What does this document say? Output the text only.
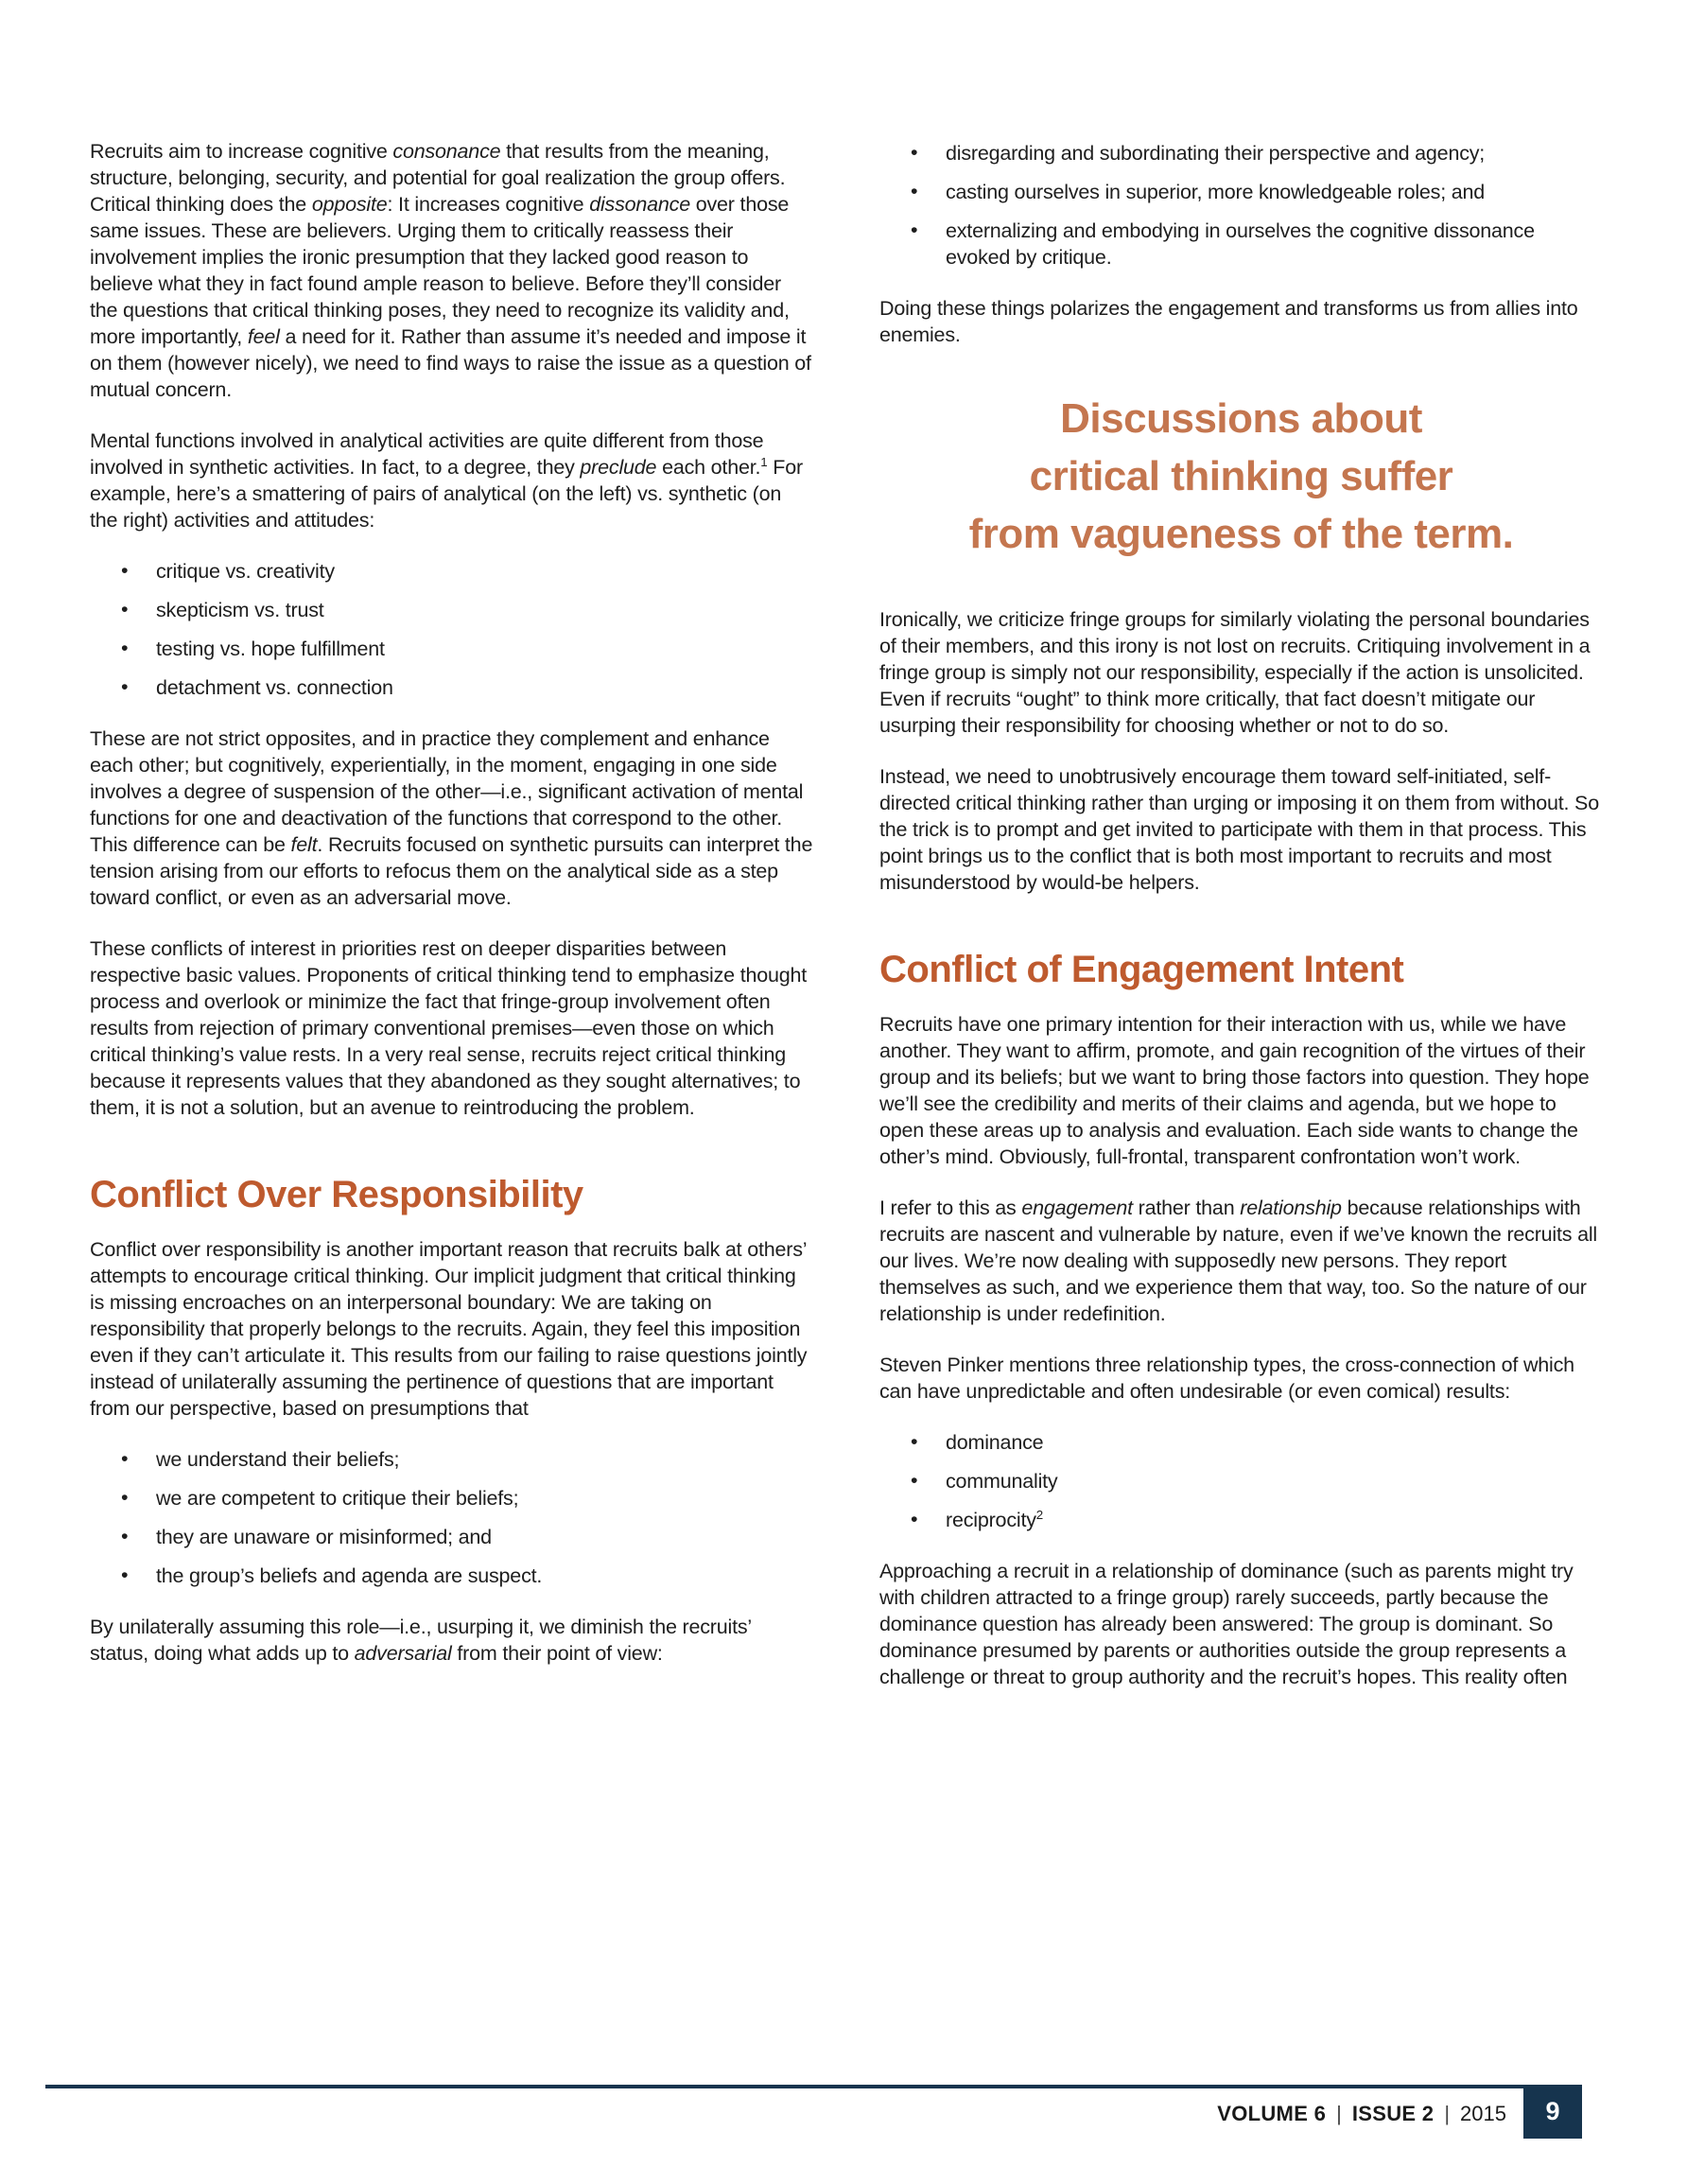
Recruits aim to increase cognitive consonance that results from the meaning, structure, belonging, security, and potential for goal realization the group offers. Critical thinking does the opposite: It increases cognitive dissonance over those same issues. These are believers. Urging them to critically reassess their involvement implies the ironic presumption that they lacked good reason to believe what they in fact found ample reason to believe. Before they’ll consider the questions that critical thinking poses, they need to recognize its validity and, more importantly, feel a need for it. Rather than assume it’s needed and impose it on them (however nicely), we need to find ways to raise the issue as a question of mutual concern.

Mental functions involved in analytical activities are quite different from those involved in synthetic activities. In fact, to a degree, they preclude each other.$^1$ For example, here’s a smattering of pairs of analytical (on the left) vs. synthetic (on the right) activities and attitudes:

• critique vs. creativity
• skepticism vs. trust
• testing vs. hope fulfillment
• detachment vs. connection

These are not strict opposites, and in practice they complement and enhance each other; but cognitively, experientially, in the moment, engaging in one side involves a degree of suspension of the other—i.e., significant activation of mental functions for one and deactivation of the functions that correspond to the other. This difference can be felt. Recruits focused on synthetic pursuits can interpret the tension arising from our efforts to refocus them on the analytical side as a step toward conflict, or even as an adversarial move.

These conflicts of interest in priorities rest on deeper disparities between respective basic values. Proponents of critical thinking tend to emphasize thought process and overlook or minimize the fact that fringe-group involvement often results from rejection of primary conventional premises—even those on which critical thinking’s value rests. In a very real sense, recruits reject critical thinking because it represents values that they abandoned as they sought alternatives; to them, it is not a solution, but an avenue to reintroducing the problem.

Conflict Over Responsibility

Conflict over responsibility is another important reason that recruits balk at others’ attempts to encourage critical thinking. Our implicit judgment that critical thinking is missing encroaches on an interpersonal boundary: We are taking on responsibility that properly belongs to the recruits. Again, they feel this imposition even if they can’t articulate it. This results from our failing to raise questions jointly instead of unilaterally assuming the pertinence of questions that are important from our perspective, based on presumptions that

• we understand their beliefs;
• we are competent to critique their beliefs;
• they are unaware or misinformed; and
• the group’s beliefs and agenda are suspect.

By unilaterally assuming this role—i.e., usurping it, we diminish the recruits’ status, doing what adds up to adversarial from their point of view:

• disregarding and subordinating their perspective and agency;
• casting ourselves in superior, more knowledgeable roles; and
• externalizing and embodying in ourselves the cognitive dissonance evoked by critique.

Doing these things polarizes the engagement and transforms us from allies into enemies.

Discussions about
critical thinking suffer
from vagueness of the term.

Ironically, we criticize fringe groups for similarly violating the personal boundaries of their members, and this irony is not lost on recruits. Critiquing involvement in a fringe group is simply not our responsibility, especially if the action is unsolicited. Even if recruits “ought” to think more critically, that fact doesn’t mitigate our usurping their responsibility for choosing whether or not to do so.

Instead, we need to unobtrusively encourage them toward self-initiated, self-directed critical thinking rather than urging or imposing it on them from without. So the trick is to prompt and get invited to participate with them in that process. This point brings us to the conflict that is both most important to recruits and most misunderstood by would-be helpers.

Conflict of Engagement Intent

Recruits have one primary intention for their interaction with us, while we have another. They want to affirm, promote, and gain recognition of the virtues of their group and its beliefs; but we want to bring those factors into question. They hope we’ll see the credibility and merits of their claims and agenda, but we hope to open these areas up to analysis and evaluation. Each side wants to change the other’s mind. Obviously, full-frontal, transparent confrontation won’t work.

I refer to this as engagement rather than relationship because relationships with recruits are nascent and vulnerable by nature, even if we’ve known the recruits all our lives. We’re now dealing with supposedly new persons. They report themselves as such, and we experience them that way, too. So the nature of our relationship is under redefinition.

Steven Pinker mentions three relationship types, the cross-connection of which can have unpredictable and often undesirable (or even comical) results:

• dominance
• communality
• reciprocity$^2$

Approaching a recruit in a relationship of dominance (such as parents might try with children attracted to a fringe group) rarely succeeds, partly because the dominance question has already been answered: The group is dominant. So dominance presumed by parents or authorities outside the group represents a challenge or threat to group authority and the recruit’s hopes. This reality often

VOLUME 6 | ISSUE 2 | 2015 9
